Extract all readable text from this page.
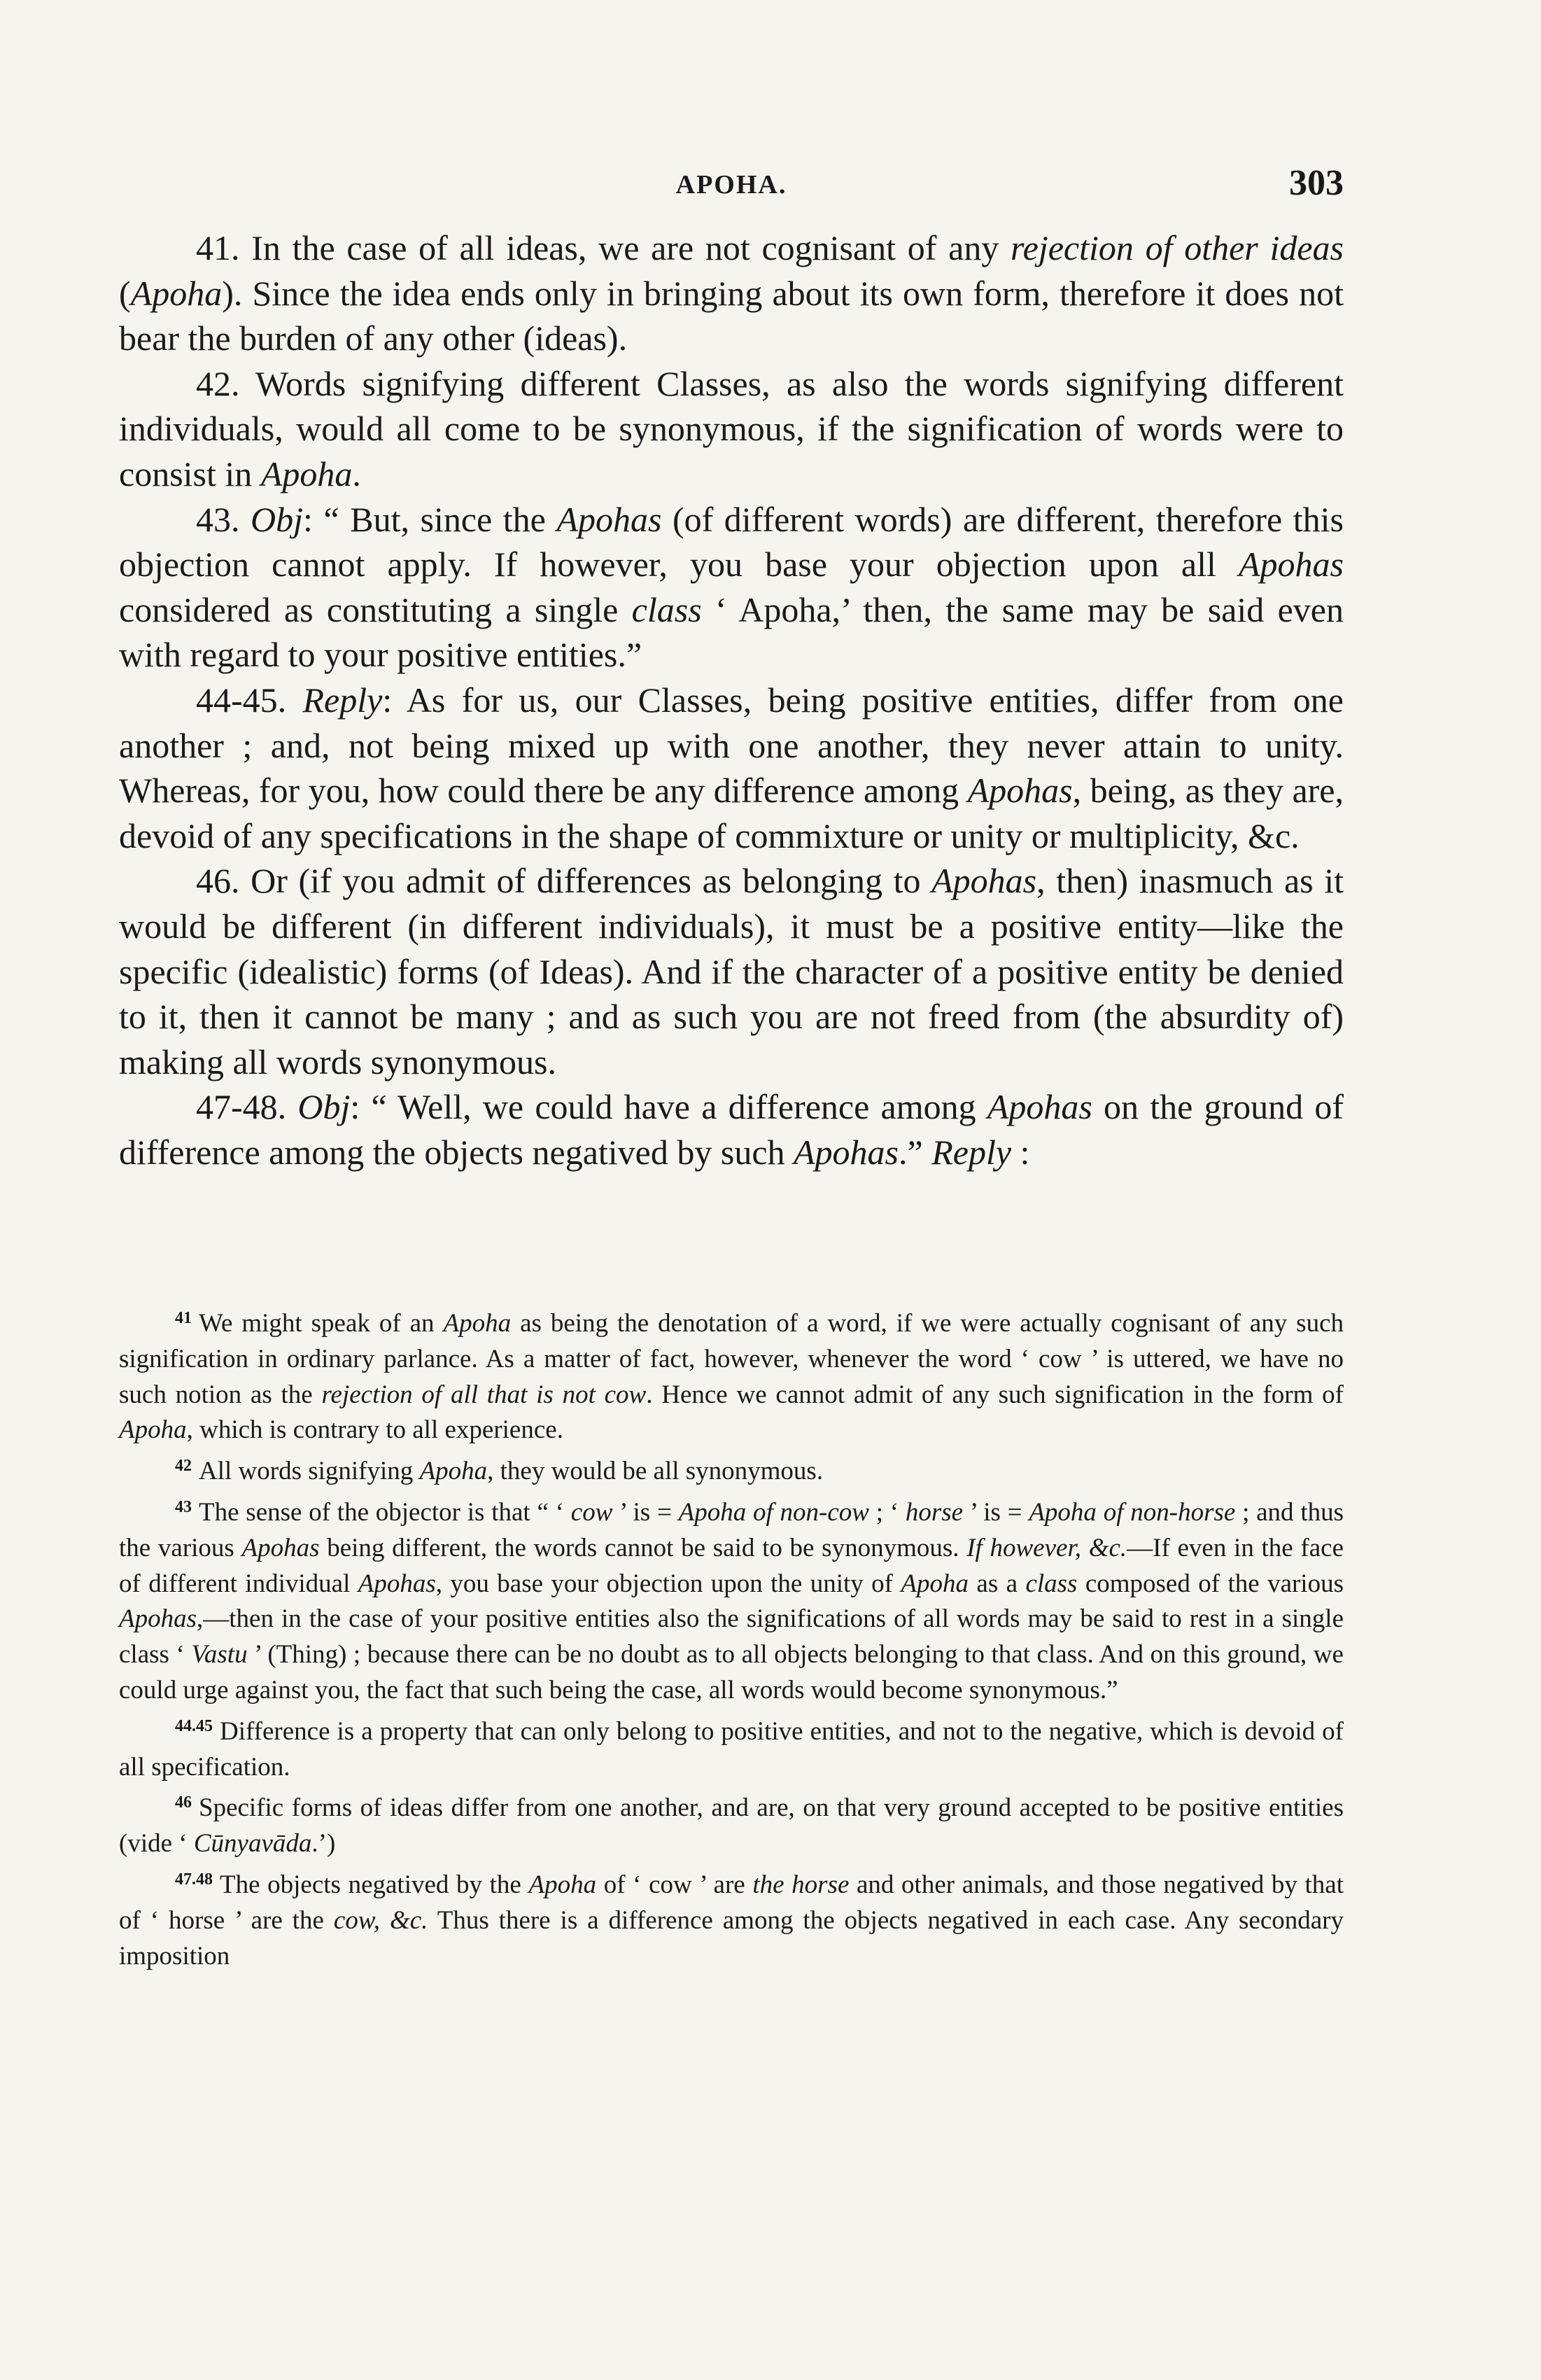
APOHA.	303

41. In the case of all ideas, we are not cognisant of any rejection of other ideas (Apoha). Since the idea ends only in bringing about its own form, therefore it does not bear the burden of any other (ideas).

42. Words signifying different Classes, as also the words signifying different individuals, would all come to be synonymous, if the signification of words were to consist in Apoha.

43. Obj: “ But, since the Apohas (of different words) are different, therefore this objection cannot apply. If however, you base your objection upon all Apohas considered as constituting a single class ‘ Apoha,’ then, the same may be said even with regard to your positive entities.”

44-45. Reply: As for us, our Classes, being positive entities, differ from one another ; and, not being mixed up with one another, they never attain to unity. Whereas, for you, how could there be any difference among Apohas, being, as they are, devoid of any specifications in the shape of commixture or unity or multiplicity, &c.

46. Or (if you admit of differences as belonging to Apohas, then) inasmuch as it would be different (in different individuals), it must be a positive entity—like the specific (idealistic) forms (of Ideas). And if the character of a positive entity be denied to it, then it cannot be many ; and as such you are not freed from (the absurdity of) making all words synonymous.

47-48. Obj: “ Well, we could have a difference among Apohas on the ground of difference among the objects negatived by such Apohas.” Reply :

$^{41}$ We might speak of an Apoha as being the denotation of a word, if we were actually cognisant of any such signification in ordinary parlance. As a matter of fact, however, whenever the word ‘ cow ’ is uttered, we have no such notion as the rejection of all that is not cow. Hence we cannot admit of any such signification in the form of Apoha, which is contrary to all experience.

$^{42}$ All words signifying Apoha, they would be all synonymous.

$^{43}$ The sense of the objector is that “ ‘ cow ’ is = Apoha of non-cow ; ‘ horse ’ is = Apoha of non-horse ; and thus the various Apohas being different, the words cannot be said to be synonymous. If however, &c.—If even in the face of different individual Apohas, you base your objection upon the unity of Apoha as a class composed of the various Apohas,—then in the case of your positive entities also the significations of all words may be said to rest in a single class ‘ Vastu ’ (Thing) ; because there can be no doubt as to all objects belonging to that class. And on this ground, we could urge against you, the fact that such being the case, all words would become synonymous.”

$^{44.45}$ Difference is a property that can only belong to positive entities, and not to the negative, which is devoid of all specification.

$^{46}$ Specific forms of ideas differ from one another, and are, on that very ground accepted to be positive entities (vide ‘ Cūnyavāda.’)

$^{47.48}$ The objects negatived by the Apoha of ‘ cow ’ are the horse and other animals, and those negatived by that of ‘ horse ’ are the cow, &c. Thus there is a difference among the objects negatived in each case. Any secondary imposition
